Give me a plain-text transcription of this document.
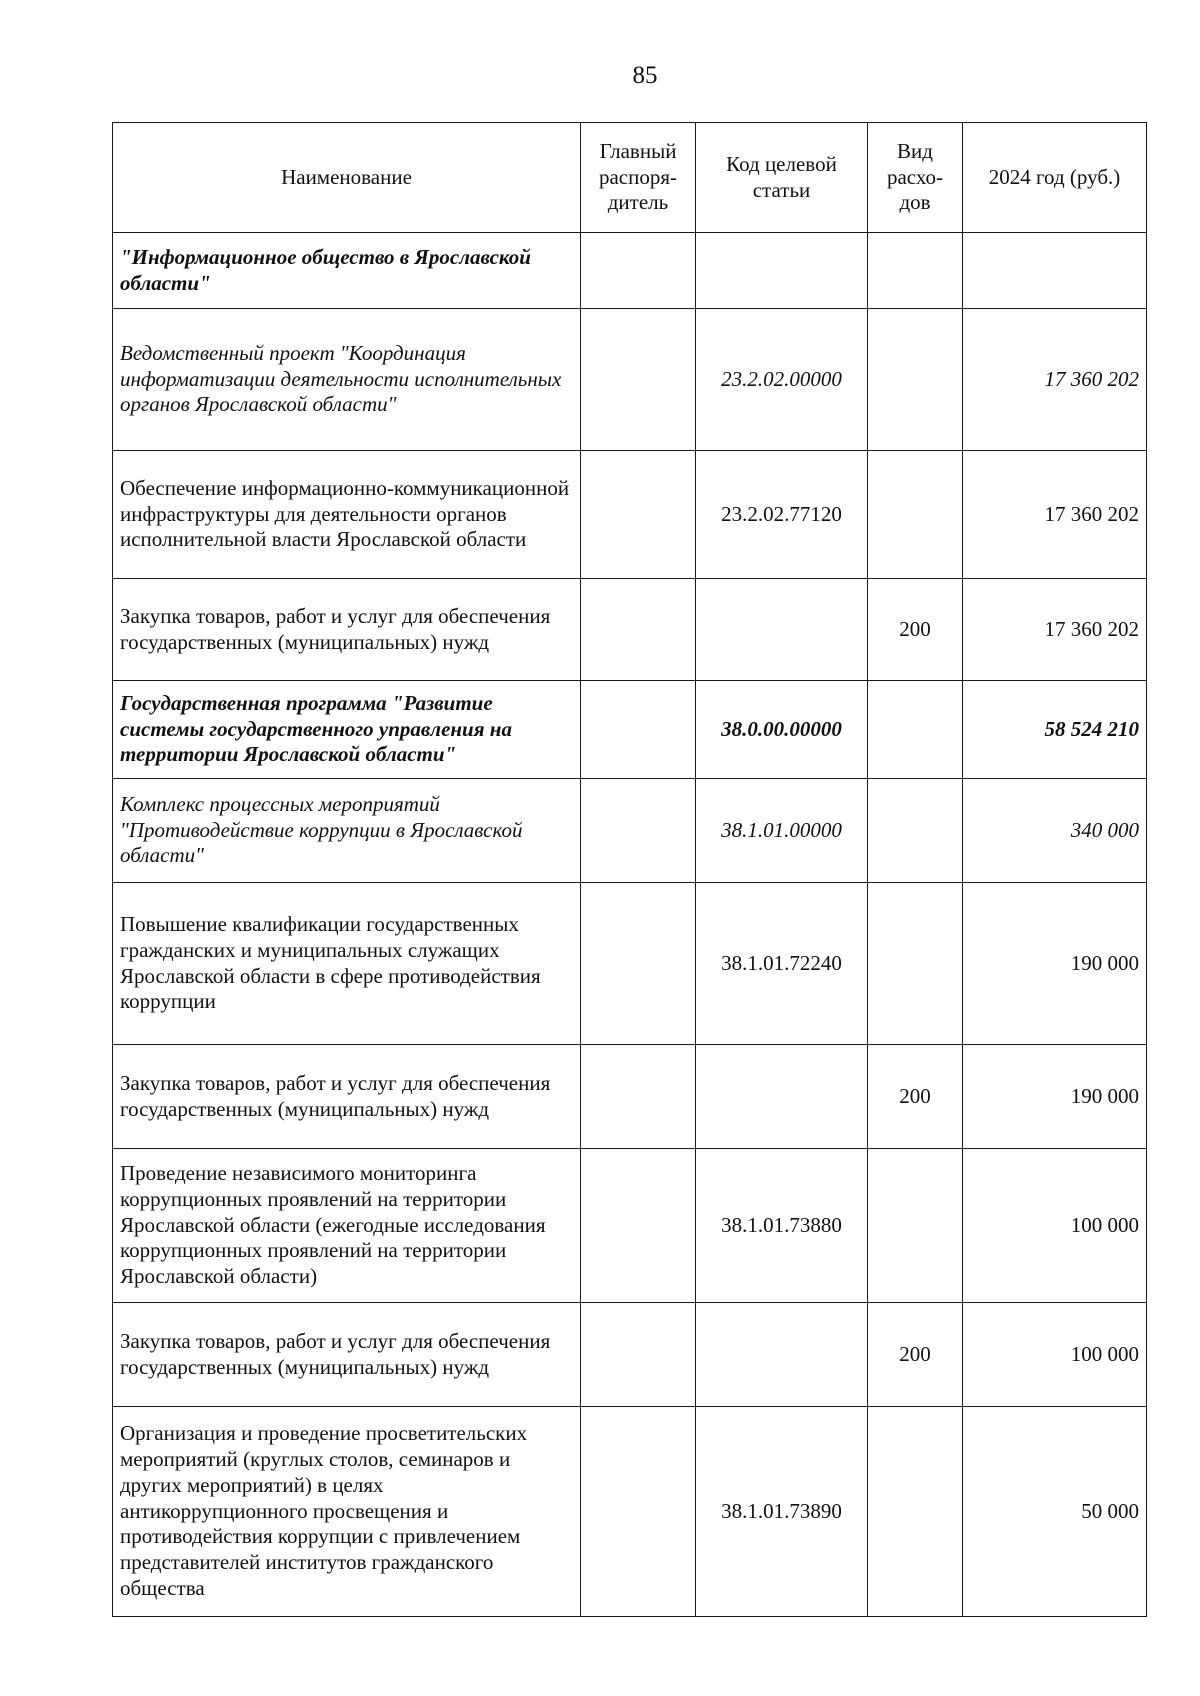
85
Наименование	Главный распоря-дитель	Код целевой статьи	Вид расхо-дов	2024 год (руб.)
"Информационное общество в Ярославской области"				
Ведомственный проект "Координация информатизации деятельности исполнительных органов Ярославской области"		23.2.02.00000		17 360 202
Обеспечение информационно-коммуникационной инфраструктуры для деятельности органов исполнительной власти Ярославской области		23.2.02.77120		17 360 202
Закупка товаров, работ и услуг для обеспечения государственных (муниципальных) нужд			200	17 360 202
Государственная программа "Развитие системы государственного управления на территории Ярославской области"		38.0.00.00000		58 524 210
Комплекс процессных мероприятий "Противодействие коррупции в Ярославской области"		38.1.01.00000		340 000
Повышение квалификации государственных гражданских и муниципальных служащих Ярославской области в сфере противодействия коррупции		38.1.01.72240		190 000
Закупка товаров, работ и услуг для обеспечения государственных (муниципальных) нужд			200	190 000
Проведение независимого мониторинга коррупционных проявлений на территории Ярославской области (ежегодные исследования коррупционных проявлений на территории Ярославской области)		38.1.01.73880		100 000
Закупка товаров, работ и услуг для обеспечения государственных (муниципальных) нужд			200	100 000
Организация и проведение просветительских мероприятий (круглых столов, семинаров и других мероприятий) в целях антикоррупционного просвещения и противодействия коррупции с привлечением представителей институтов гражданского общества		38.1.01.73890		50 000
